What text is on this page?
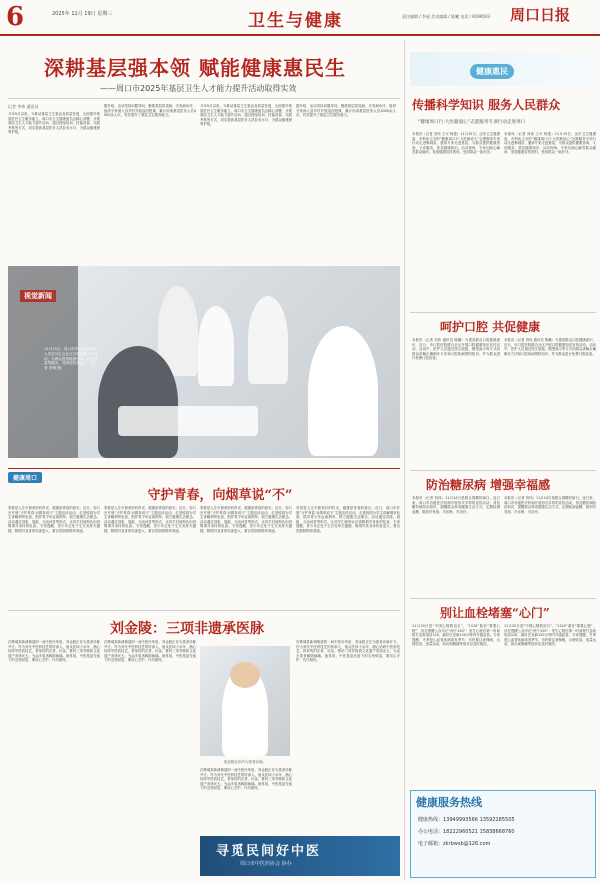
6	2025年 11月 19日 星期三	卫生与健康	责任编辑 / 李丽 美术编辑 / 陈曦 电话 / 8199503 周口日报
深耕基层强本领 赋能健康惠民生
——周口市2025年基层卫生人才能力提升活动取得实效
记者 李伟 通讯员
今年9月以来，为推动基层卫生事业高质量发展，全面提升基层医疗卫生服务能力，周口市卫生健康委员会精心部署，开展基层卫生人才能力提升活动，通过理论培训、技能竞赛、实践考核等方式，切实提高基层医务人员业务水平，为群众健康保驾护航。
据介绍，活动坚持问题导向，聚焦基层常见病、多发病诊疗，组织专家深入县乡村开展巡回授课，累计培训基层医务人员3000余人次，有效提升了基层卫生服务能力。
今年9月以来，为推动基层卫生事业高质量发展，全面提升基层医疗卫生服务能力，周口市卫生健康委员会精心部署，开展基层卫生人才能力提升活动，通过理论培训、技能竞赛、实践考核等方式，切实提高基层医务人员业务水平，为群众健康保驾护航。
据介绍，活动坚持问题导向，聚焦基层常见病、多发病诊疗，组织专家深入县乡村开展巡回授课，累计培训基层医务人员3000余人次，有效提升了基层卫生服务能力。
视觉新闻
11月15日，周口市中心医院医务人员在川汇区社区开展健康义诊活动，为群众提供健康咨询、血压测量等服务，受到居民欢迎。 （记者 李梅 摄）
健康惠民
传播科学知识 服务人民群众
“健康周口行·大医献爱心”志愿服务专项行动走进周口
本报讯（记者 刘伟 王可 杨建）11月15日，由市卫生健康委、市科协主办的“健康周口行·大医献爱心”志愿服务专项行动走进郸城县，邀请专家走进基层，为群众提供健康咨询、义诊服务，普及健康知识。活动现场，专家们耐心解答群众疑问，发放健康宣传资料，受到群众一致好评。
本报讯（记者 刘伟 王可 杨建）11月15日，由市卫生健康委、市科协主办的“健康周口行·大医献爱心”志愿服务专项行动走进郸城县，邀请专家走进基层，为群众提供健康咨询、义诊服务，普及健康知识。活动现场，专家们耐心解答群众疑问，发放健康宣传资料，受到群众一致好评。
呵护口腔 共促健康
本报讯（记者 刘伟 通讯员 陈鹏）为提高群众口腔健康意识，近日，市口腔医院联合社区开展口腔健康知识宣传活动。活动中，医护人员通过图文展板、模型演示等方式向群众讲解正确刷牙方法和口腔疾病预防知识，并为群众进行免费口腔检查。
本报讯（记者 刘伟 通讯员 陈鹏）为提高群众口腔健康意识，近日，市口腔医院联合社区开展口腔健康知识宣传活动。活动中，医护人员通过图文展板、模型演示等方式向群众讲解正确刷牙方法和口腔疾病预防知识，并为群众进行免费口腔检查。
防治糖尿病 增强幸福感
本报讯（记者 刘伟）11月14日是联合国糖尿病日。连日来，周口市各级医疗机构开展形式多样的宣传活动，普及糖尿病防治知识，提醒群众养成健康生活方式，定期检测血糖，做到早发现、早诊断、早治疗。
本报讯（记者 刘伟）11月14日是联合国糖尿病日。连日来，周口市各级医疗机构开展形式多样的宣传活动，普及糖尿病防治知识，提醒群众养成健康生活方式，定期检测血糖，做到早发现、早诊断、早治疗。
别让血栓堵塞“心门”
11月20日是“中国心梗救治日”，“1120”谐音“要要心梗”，旨在提醒公众牢记“两个120”：发生心梗后第一时间拨打急救电话120，最好在发病120分钟内开通血管。专家提醒，冬季是心血管疾病高发季节，市民要注意保暖，合理饮食，适量运动，如出现胸痛等症状应及时就医。
11月20日是“中国心梗救治日”，“1120”谐音“要要心梗”，旨在提醒公众牢记“两个120”：发生心梗后第一时间拨打急救电话120，最好在发病120分钟内开通血管。专家提醒，冬季是心血管疾病高发季节，市民要注意保暖，合理饮食，适量运动，如出现胸痛等症状应及时就医。
健康服务热线
健康热线：13949993566 13592285505
办公电话：18222960521 15838668760
电子邮箱：zkrbwsb@126.com
健康周口
守护青春，向烟草说“不”
青春是人生中最美好的时光，健康是青春的基石。近日，周口市开展“守护青春 向烟草说不”主题宣传活动，走进校园为学生讲解烟草危害，倡导青少年远离烟草，树立健康生活理念。活动通过讲座、展板、互动问答等形式，让同学们深刻认识到吸烟对身体的危害。专家提醒，青少年正处于生长发育关键期，吸烟对其身体伤害更大，要自觉抵制烟草诱惑。
青春是人生中最美好的时光，健康是青春的基石。近日，周口市开展“守护青春 向烟草说不”主题宣传活动，走进校园为学生讲解烟草危害，倡导青少年远离烟草，树立健康生活理念。活动通过讲座、展板、互动问答等形式，让同学们深刻认识到吸烟对身体的危害。专家提醒，青少年正处于生长发育关键期，吸烟对其身体伤害更大，要自觉抵制烟草诱惑。
青春是人生中最美好的时光，健康是青春的基石。近日，周口市开展“守护青春 向烟草说不”主题宣传活动，走进校园为学生讲解烟草危害，倡导青少年远离烟草，树立健康生活理念。活动通过讲座、展板、互动问答等形式，让同学们深刻认识到吸烟对身体的危害。专家提醒，青少年正处于生长发育关键期，吸烟对其身体伤害更大，要自觉抵制烟草诱惑。
青春是人生中最美好的时光，健康是青春的基石。近日，周口市开展“守护青春 向烟草说不”主题宣传活动，走进校园为学生讲解烟草危害，倡导青少年远离烟草，树立健康生活理念。活动通过讲座、展板、互动问答等形式，让同学们深刻认识到吸烟对身体的危害。专家提醒，青少年正处于生长发育关键期，吸烟对其身体伤害更大，要自觉抵制烟草诱惑。
刘金陵：三项非遗承医脉
在郸城县新城街道的一间中医诊所里，刘金陵正在为患者诊脉开方。作为刘氏中医药技艺的传承人，他从医四十余年，潜心钻研中医药技艺，将家传的正骨、针灸、膏药三项非物质文化遗产发扬光大，为众多患者解除病痛。他常说，中医是祖先留下的宝贵财富，要用心守护、代代相传。
在郸城县新城街道的一间中医诊所里，刘金陵正在为患者诊脉开方。作为刘氏中医药技艺的传承人，他从医四十余年，潜心钻研中医药技艺，将家传的正骨、针灸、膏药三项非物质文化遗产发扬光大，为众多患者解除病痛。他常说，中医是祖先留下的宝贵财富，要用心守护、代代相传。
刘金陵在诊所为患者诊脉。
在郸城县新城街道的一间中医诊所里，刘金陵正在为患者诊脉开方。作为刘氏中医药技艺的传承人，他从医四十余年，潜心钻研中医药技艺，将家传的正骨、针灸、膏药三项非物质文化遗产发扬光大，为众多患者解除病痛。他常说，中医是祖先留下的宝贵财富，要用心守护、代代相传。
在郸城县新城街道的一间中医诊所里，刘金陵正在为患者诊脉开方。作为刘氏中医药技艺的传承人，他从医四十余年，潜心钻研中医药技艺，将家传的正骨、针灸、膏药三项非物质文化遗产发扬光大，为众多患者解除病痛。他常说，中医是祖先留下的宝贵财富，要用心守护、代代相传。
寻觅民间好中医
周口市中医药协会 协办
